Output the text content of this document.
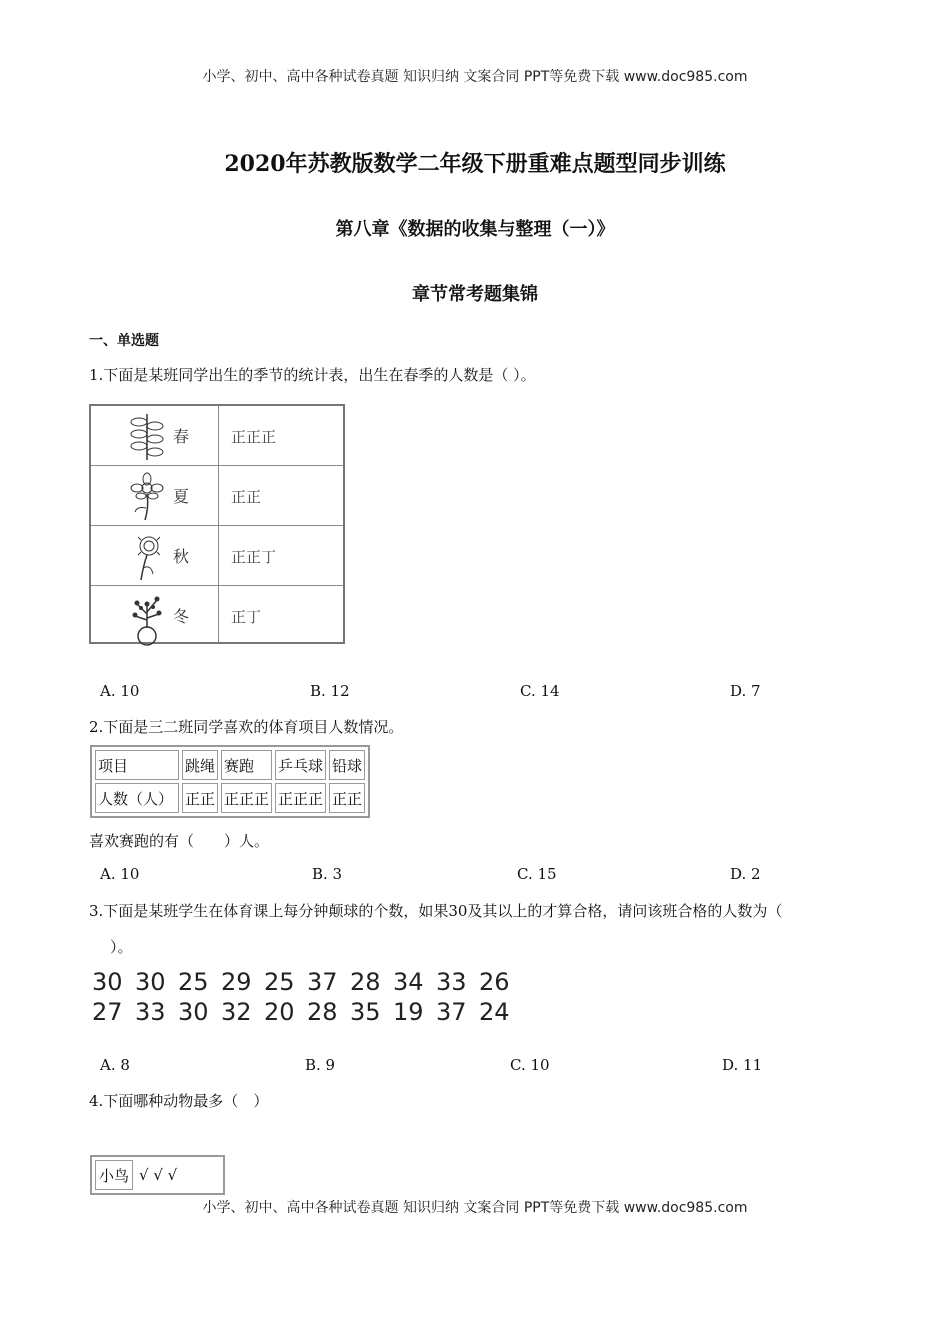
小学、初中、高中各种试卷真题 知识归纳 文案合同 PPT等免费下载 www.doc985.com
2020年苏教版数学二年级下册重难点题型同步训练
第八章《数据的收集与整理（一）》
章节常考题集锦
一、单选题
1.下面是某班同学出生的季节的统计表，出生在春季的人数是（ ）。
春	正正正
夏	正正
秋	正正丁
冬	正丁
A. 10	B. 12	C. 14	D. 7
2.下面是三二班同学喜欢的体育项目人数情况。
项目	跳绳	赛跑	乒乓球	铅球
人数（人）	正正	正正正	正正正	正正
喜欢赛跑的有（　　）人。
A. 10	B. 3	C. 15	D. 2
3.下面是某班学生在体育课上每分钟颠球的个数，如果30及其以上的才算合格，请问该班合格的人数为（
）。
30 30 25 29 25 37 28 34 33 26
27 33 30 32 20 28 35 19 37 24
A. 8	B. 9	C. 10	D. 11
4.下面哪种动物最多（　）
小鸟	√ √ √
小学、初中、高中各种试卷真题 知识归纳 文案合同 PPT等免费下载 www.doc985.com
